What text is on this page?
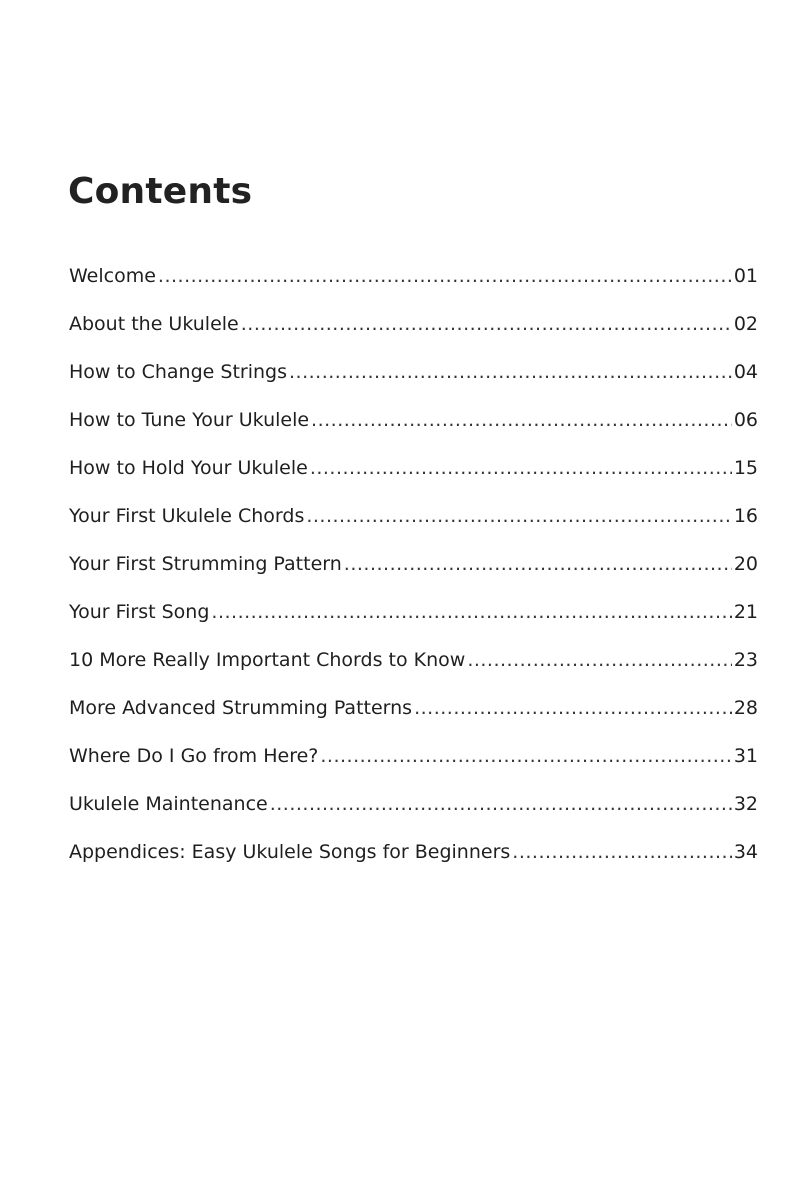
Contents
Welcome .....	01
About the Ukulele .....	02
How to Change Strings .....	04
How to Tune Your Ukulele .....	06
How to Hold Your Ukulele .....	15
Your First Ukulele Chords .....	16
Your First Strumming Pattern .....	20
Your First Song .....	21
10 More Really Important Chords to Know .....	23
More Advanced Strumming Patterns .....	28
Where Do I Go from Here? .....	31
Ukulele Maintenance .....	32
Appendices: Easy Ukulele Songs for Beginners .....	34
